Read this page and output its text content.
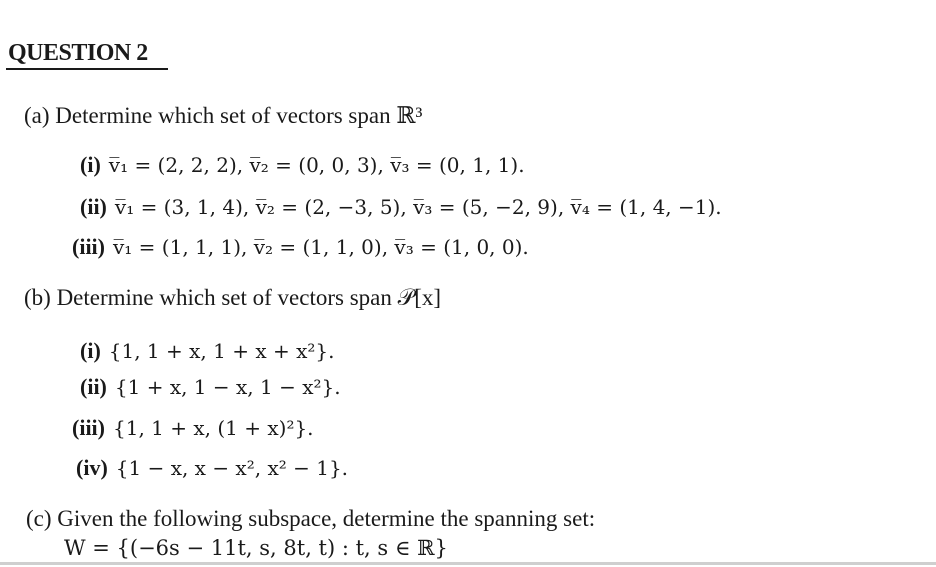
QUESTION 2
(a) Determine which set of vectors span ℝ³
(i) v̅₁ = (2, 2, 2), v̅₂ = (0, 0, 3), v̅₃ = (0, 1, 1).
(ii) v̅₁ = (3, 1, 4), v̅₂ = (2, −3, 5), v̅₃ = (5, −2, 9), v̅₄ = (1, 4, −1).
(iii) v̅₁ = (1, 1, 1), v̅₂ = (1, 1, 0), v̅₃ = (1, 0, 0).
(b) Determine which set of vectors span 𝒫[x]
(i) {1, 1 + x, 1 + x + x²}.
(ii) {1 + x, 1 − x, 1 − x²}.
(iii) {1, 1 + x, (1 + x)²}.
(iv) {1 − x, x − x², x² − 1}.
(c) Given the following subspace, determine the spanning set:
W = {(−6s − 11t, s, 8t, t) : t, s ∈ ℝ}
